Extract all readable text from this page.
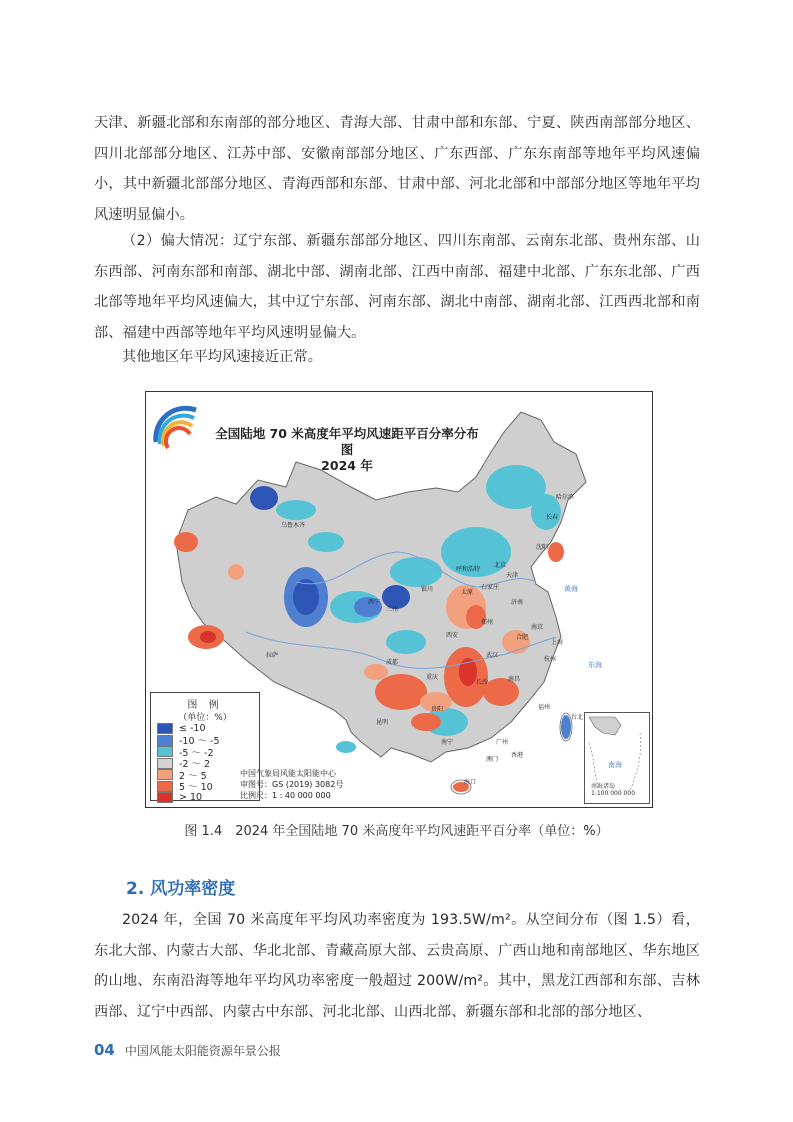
天津、新疆北部和东南部的部分地区、青海大部、甘肃中部和东部、宁夏、陕西南部部分地区、四川北部部分地区、江苏中部、安徽南部部分地区、广东西部、广东东南部等地年平均风速偏小，其中新疆北部部分地区、青海西部和东部、甘肃中部、河北北部和中部部分地区等地年平均风速明显偏小。

（2）偏大情况：辽宁东部、新疆东部部分地区、四川东南部、云南东北部、贵州东部、山东西部、河南东部和南部、湖北中部、湖南北部、江西中南部、福建中北部、广东东北部、广西北部等地年平均风速偏大，其中辽宁东部、河南东部、湖北中南部、湖南北部、江西西北部和南部、福建中西部等地年平均风速明显偏大。

其他地区年平均风速接近正常。

全国陆地 70 米高度年平均风速距平百分率分布图
2024 年
图 例
（单位：%）
≤ -10
-10 ～ -5
-5 ～ -2
-2 ～ 2
2 ～ 5
5 ～ 10
> 10
中国气象局风能太阳能中心
审图号：GS (2019) 3082号
比例尺：1 : 40 000 000
南海诸岛
1:100 000 000
黄海
东海
南海
哈尔滨
长春
沈阳
呼和浩特
北京
天津
石家庄
太原
济南
银川
郑州
西安
兰州
西宁
合肥
南京
上海
杭州
武汉
长沙	南昌
福州
台北
广州
香港
澳门
海口
南宁
贵阳
昆明
成都
重庆
拉萨
乌鲁木齐
图 1.4　2024 年全国陆地 70 米高度年平均风速距平百分率（单位：%）
2. 风功率密度

2024 年，全国 70 米高度年平均风功率密度为 193.5W/m²。从空间分布（图 1.5）看，东北大部、内蒙古大部、华北北部、青藏高原大部、云贵高原、广西山地和南部地区、华东地区的山地、东南沿海等地年平均风功率密度一般超过 200W/m²。其中，黑龙江西部和东部、吉林西部、辽宁中西部、内蒙古中东部、河北北部、山西北部、新疆东部和北部的部分地区、

04 中国风能太阳能资源年景公报
